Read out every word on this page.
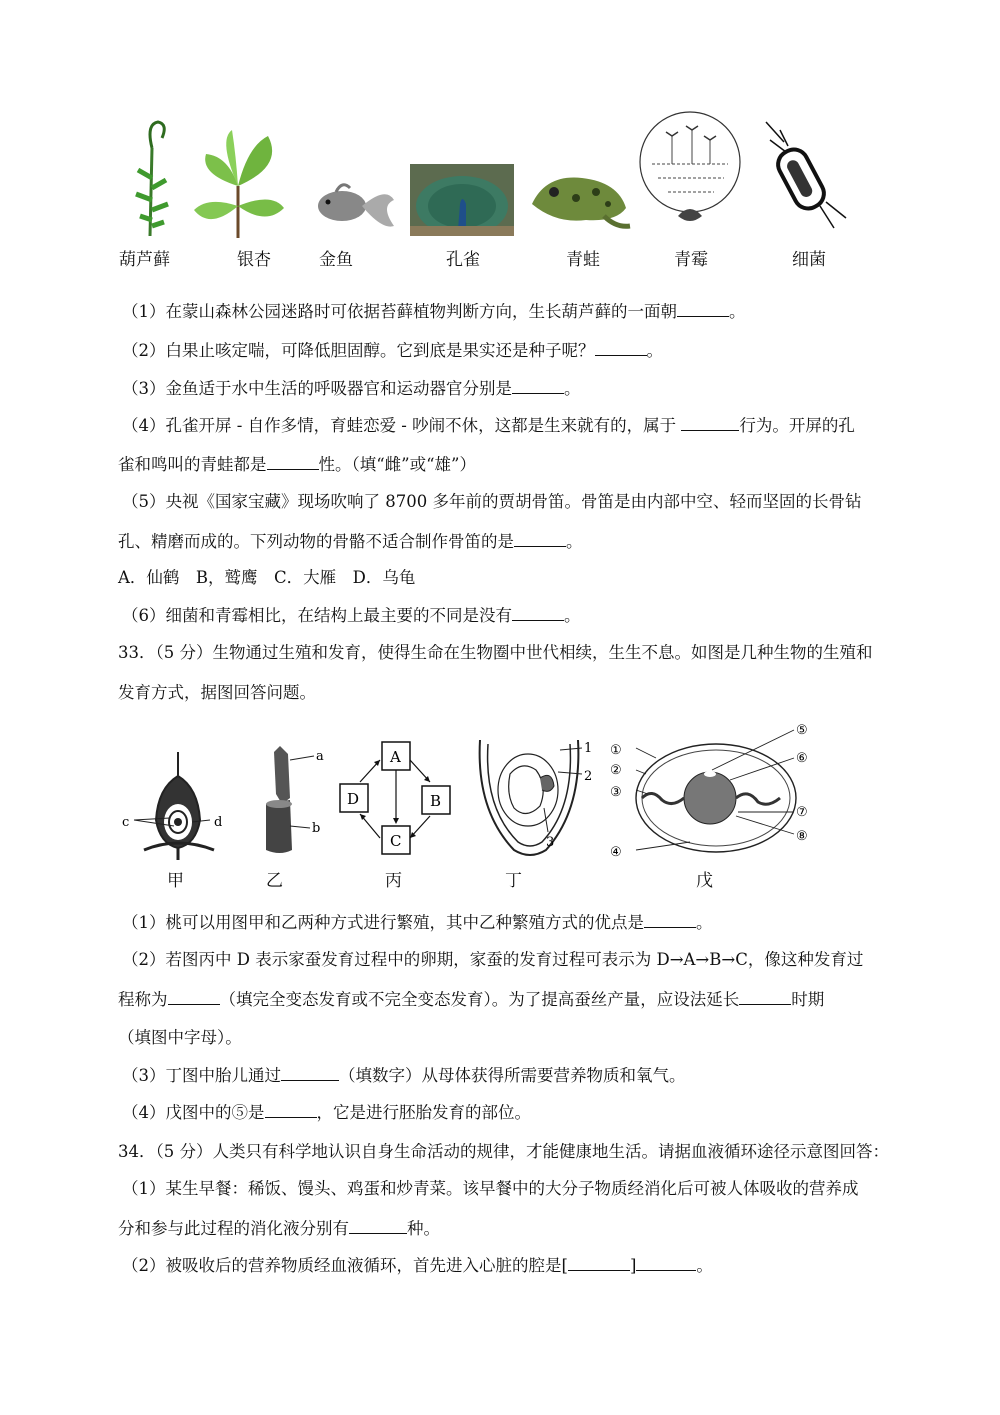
葫芦藓	银杏	金鱼	孔雀	青蛙	青霉	细菌
（1）在蒙山森林公园迷路时可依据苔藓植物判断方向，生长葫芦藓的一面朝	。
（2）白果止咳定喘，可降低胆固醇。它到底是果实还是种子呢？	。
（3）金鱼适于水中生活的呼吸器官和运动器官分别是	。
（4）孔雀开屏 - 自作多情，育蛙恋爱 - 吵闹不休，这都是生来就有的，属于	行为。开屏的孔
雀和鸣叫的青蛙都是	性。（填“雌”或“雄”）
（5）央视《国家宝藏》现场吹响了 8700 多年前的贾胡骨笛。骨笛是由内部中空、轻而坚固的长骨钻
孔、精磨而成的。下列动物的骨骼不适合制作骨笛的是	。
A．仙鹤　B，鹫鹰　C．大雁　D．乌龟
（6）细菌和青霉相比，在结构上最主要的不同是没有	。
33．（5 分）生物通过生殖和发育，使得生命在生物圈中世代相续，生生不息。如图是几种生物的生殖和
发育方式，据图回答问题。
c	d
a
b
A
B
C
D
1
2
3
①
②
③
④
⑤
⑥
⑦
⑧
甲	乙	丙	丁	戊
（1）桃可以用图甲和乙两种方式进行繁殖，其中乙种繁殖方式的优点是	。
（2）若图丙中 D 表示家蚕发育过程中的卵期，家蚕的发育过程可表示为 D→A→B→C，像这种发育过
程称为	（填完全变态发育或不完全变态发育）。为了提高蚕丝产量，应设法延长	时期
（填图中字母）。
（3）丁图中胎儿通过	（填数字）从母体获得所需要营养物质和氧气。
（4）戊图中的⑤是	，它是进行胚胎发育的部位。
34．（5 分）人类只有科学地认识自身生命活动的规律，才能健康地生活。请据血液循环途径示意图回答：
（1）某生早餐：稀饭、馒头、鸡蛋和炒青菜。该早餐中的大分子物质经消化后可被人体吸收的营养成
分和参与此过程的消化液分别有	种。
（2）被吸收后的营养物质经血液循环，首先进入心脏的腔是[	]	。
